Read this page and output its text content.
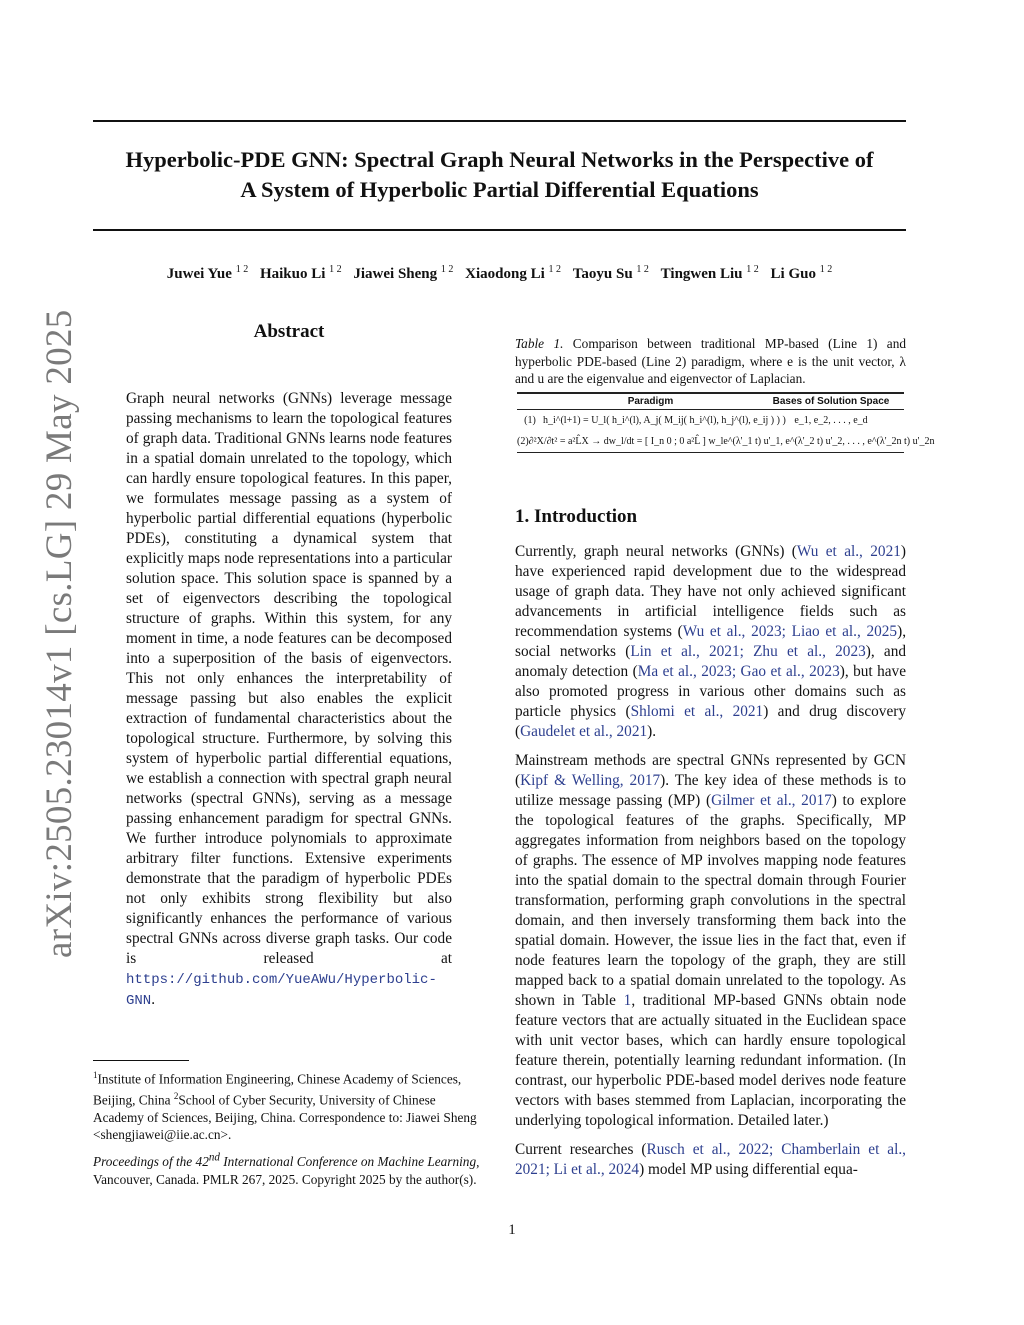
Hyperbolic-PDE GNN: Spectral Graph Neural Networks in the Perspective of
A System of Hyperbolic Partial Differential Equations
Juwei Yue $^{1 2}$ Haikuo Li $^{1 2}$ Jiawei Sheng $^{1 2}$ Xiaodong Li $^{1 2}$ Taoyu Su $^{1 2}$ Tingwen Liu $^{1 2}$ Li Guo $^{1 2}$
arXiv:2505.23014v1 [cs.LG] 29 May 2025	Abstract
Graph neural networks (GNNs) leverage message passing mechanisms to learn the topological features of graph data. Traditional GNNs learns node features in a spatial domain unrelated to the topology, which can hardly ensure topological features. In this paper, we formulates message passing as a system of hyperbolic partial differential equations (hyperbolic PDEs), constituting a dynamical system that explicitly maps node representations into a particular solution space. This solution space is spanned by a set of eigenvectors describing the topological structure of graphs. Within this system, for any moment in time, a node features can be decomposed into a superposition of the basis of eigenvectors. This not only enhances the interpretability of message passing but also enables the explicit extraction of fundamental characteristics about the topological structure. Furthermore, by solving this system of hyperbolic partial differential equations, we establish a connection with spectral graph neural networks (spectral GNNs), serving as a message passing enhancement paradigm for spectral GNNs. We further introduce polynomials to approximate arbitrary filter functions. Extensive experiments demonstrate that the paradigm of hyperbolic PDEs not only exhibits strong flexibility but also significantly enhances the performance of various spectral GNNs across diverse graph tasks. Our code is released at https://github.com/YueAWu/Hyperbolic-GNN.
$^1$Institute of Information Engineering, Chinese Academy of Sciences, Beijing, China $^2$School of Cyber Security, University of Chinese Academy of Sciences, Beijing, China. Correspondence to: Jiawei Sheng <shengjiawei@iie.ac.cn>.
Proceedings of the 42nd International Conference on Machine Learning, Vancouver, Canada. PMLR 267, 2025. Copyright 2025 by the author(s).
Table 1. Comparison between traditional MP-based (Line 1) and hyperbolic PDE-based (Line 2) paradigm, where e is the unit vector, λ and u are the eigenvalue and eigenvector of Laplacian.
Paradigm	Bases of Solution Space
(1) h_i^(l+1) = U_l( h_i^(l), A_j( M_ij( h_i^(l), h_j^(l), e_ij ) ) ) e_1, e_2, . . . , e_d
(2) ∂²X/∂t² = a²L̂X → dw_l/dt = [ I_n 0 ; 0 a²L̂ ] w_l e^(λ'_1 t) u'_1, e^(λ'_2 t) u'_2, . . . , e^(λ'_2n t) u'_2n
1. Introduction

Currently, graph neural networks (GNNs) (Wu et al., 2021) have experienced rapid development due to the widespread usage of graph data. They have not only achieved significant advancements in artificial intelligence fields such as recommendation systems (Wu et al., 2023; Liao et al., 2025), social networks (Lin et al., 2021; Zhu et al., 2023), and anomaly detection (Ma et al., 2023; Gao et al., 2023), but have also promoted progress in various other domains such as particle physics (Shlomi et al., 2021) and drug discovery (Gaudelet et al., 2021).

Mainstream methods are spectral GNNs represented by GCN (Kipf & Welling, 2017). The key idea of these methods is to utilize message passing (MP) (Gilmer et al., 2017) to explore the topological features of the graphs. Specifically, MP aggregates information from neighbors based on the topology of graphs. The essence of MP involves mapping node features into the spatial domain to the spectral domain through Fourier transformation, performing graph convolutions in the spectral domain, and then inversely transforming them back into the spatial domain. However, the issue lies in the fact that, even if node features learn the topology of the graph, they are still mapped back to a spatial domain unrelated to the topology. As shown in Table 1, traditional MP-based GNNs obtain node feature vectors that are actually situated in the Euclidean space with unit vector bases, which can hardly ensure topological feature therein, potentially learning redundant information. (In contrast, our hyperbolic PDE-based model derives node feature vectors with bases stemmed from Laplacian, incorporating the underlying topological information. Detailed later.)

Current researches (Rusch et al., 2022; Chamberlain et al., 2021; Li et al., 2024) model MP using differential equa-

1
